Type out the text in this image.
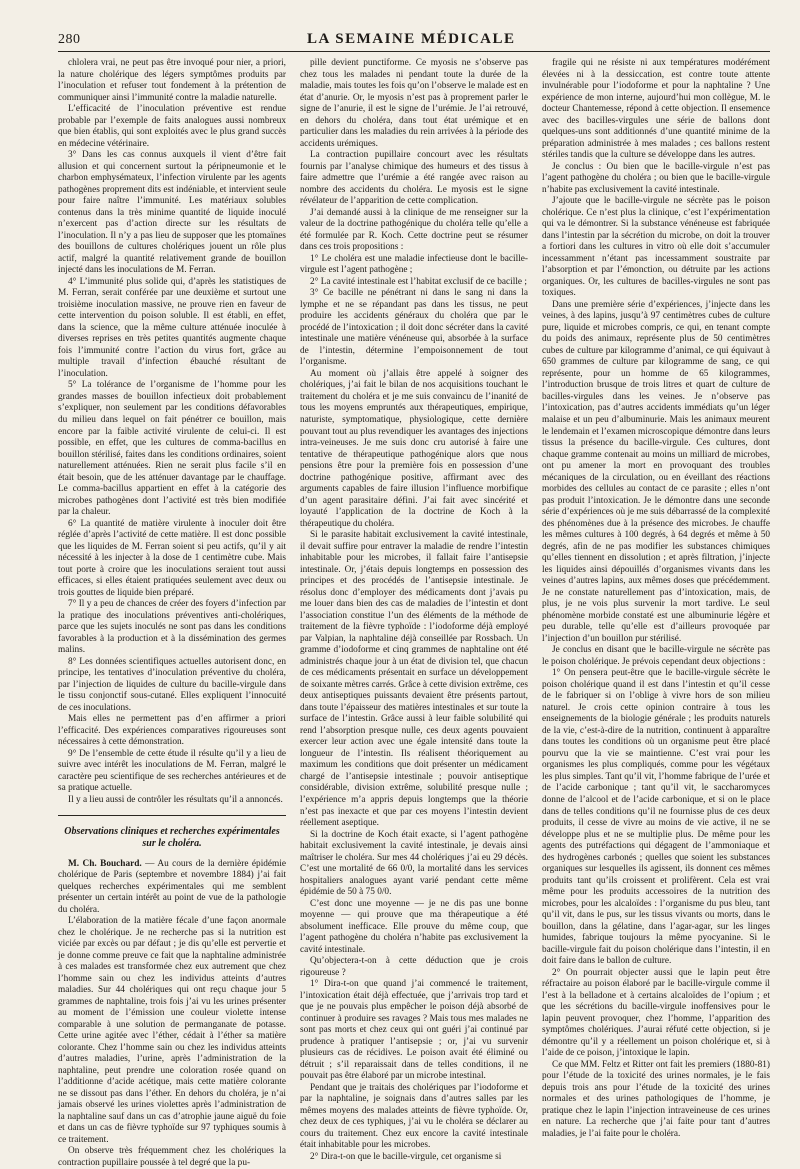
280	LA SEMAINE MÉDICALE

chlolera vrai, ne peut pas être invoqué pour nier, a priori, la nature cholérique des légers symptômes produits par l’inoculation et refuser tout fondement à la prétention de communiquer ainsi l’immunité contre la maladie naturelle.

L’efficacité de l’inoculation préventive est rendue probable par l’exemple de faits analogues aussi nombreux que bien établis, qui sont exploités avec le plus grand succès en médecine vétérinaire.

3° Dans les cas connus auxquels il vient d’être fait allusion et qui concernent surtout la péripneumonie et le charbon emphysémateux, l’infection virulente par les agents pathogènes proprement dits est indéniable, et intervient seule pour faire naître l’immunité. Les matériaux solubles contenus dans la très minime quantité de liquide inoculé n’exercent pas d’action directe sur les résultats de l’inoculation. Il n’y a pas lieu de supposer que les ptomaïnes des bouillons de cultures cholériques jouent un rôle plus actif, malgré la quantité relativement grande de bouillon injecté dans les inoculations de M. Ferran.

4° L’immunité plus solide qui, d’après les statistiques de M. Ferran, serait conférée par une deuxième et surtout une troisième inoculation massive, ne prouve rien en faveur de cette intervention du poison soluble. Il est établi, en effet, dans la science, que la même culture atténuée inoculée à diverses reprises en très petites quantités augmente chaque fois l’immunité contre l’action du virus fort, grâce au multiple travail d’infection ébauché résultant de l’inoculation.

5° La tolérance de l’organisme de l’homme pour les grandes masses de bouillon infectieux doit probablement s’expliquer, non seulement par les conditions défavorables du milieu dans lequel on fait pénétrer ce bouillon, mais encore par la faible activité virulente de celui-ci. Il est possible, en effet, que les cultures de comma-bacillus en bouillon stérilisé, faites dans les conditions ordinaires, soient naturellement atténuées. Rien ne serait plus facile s’il en était besoin, que de les atténuer davantage par le chauffage. Le comma-bacillus appartient en effet à la catégorie des microbes pathogènes dont l’activité est très bien modifiée par la chaleur.

6° La quantité de matière virulente à inoculer doit être réglée d’après l’activité de cette matière. Il est donc possible que les liquides de M. Ferran soient si peu actifs, qu’il y ait nécessité à les injecter à la dose de 1 centimètre cube. Mais tout porte à croire que les inoculations seraient tout aussi efficaces, si elles étaient pratiquées seulement avec deux ou trois gouttes de liquide bien préparé.

7° Il y a peu de chances de créer des foyers d’infection par la pratique des inoculations préventives anti-cholériques, parce que les sujets inoculés ne sont pas dans les conditions favorables à la production et à la dissémination des germes malins.

8° Les données scientifiques actuelles autorisent donc, en principe, les tentatives d’inoculation préventive du choléra, par l’injection de liquides de culture du bacille-virgule dans le tissu conjonctif sous-cutané. Elles expliquent l’innocuité de ces inoculations.

Mais elles ne permettent pas d’en affirmer a priori l’efficacité. Des expériences comparatives rigoureuses sont nécessaires à cette démonstration.

9° De l’ensemble de cette étude il résulte qu’il y a lieu de suivre avec intérêt les inoculations de M. Ferran, malgré le caractère peu scientifique de ses recherches antérieures et de sa pratique actuelle.

Il y a lieu aussi de contrôler les résultats qu’il a annoncés.

Observations cliniques et recherches expérimentales sur le choléra.

M. Ch. Bouchard. — Au cours de la dernière épidémie cholérique de Paris (septembre et novembre 1884) j’ai fait quelques recherches expérimentales qui me semblent présenter un certain intérêt au point de vue de la pathologie du choléra.

L’élaboration de la matière fécale d’une façon anormale chez le cholérique. Je ne recherche pas si la nutrition est viciée par excès ou par défaut ; je dis qu’elle est pervertie et je donne comme preuve ce fait que la naphtaline administrée à ces malades est transformée chez eux autrement que chez l’homme sain ou chez les individus atteints d’autres maladies. Sur 44 cholériques qui ont reçu chaque jour 5 grammes de naphtaline, trois fois j’ai vu les urines présenter au moment de l’émission une couleur violette intense comparable à une solution de permanganate de potasse. Cette urine agitée avec l’éther, cédait à l’éther sa matière colorante. Chez l’homme sain ou chez les individus atteints d’autres maladies, l’urine, après l’administration de la naphtaline, peut prendre une coloration rosée quand on l’additionne d’acide acétique, mais cette matière colorante ne se dissout pas dans l’éther. En dehors du choléra, je n’ai jamais observé les urines violettes après l’administration de la naphtaline sauf dans un cas d’atrophie jaune aiguë du foie et dans un cas de fièvre typhoïde sur 97 typhiques soumis à ce traitement.

On observe très fréquemment chez les cholériques la contraction pupillaire poussée à tel degré que la pu-

pille devient punctiforme. Ce myosis ne s’observe pas chez tous les malades ni pendant toute la durée de la maladie, mais toutes les fois qu’on l’observe le malade est en état d’anurie. Or, le myosis n’est pas à proprement parler le signe de l’anurie, il est le signe de l’urémie. Je l’ai retrouvé, en dehors du choléra, dans tout état urémique et en particulier dans les maladies du rein arrivées à la période des accidents urémiques.

La contraction pupillaire concourt avec les résultats fournis par l’analyse chimique des humeurs et des tissus à faire admettre que l’urémie a été rangée avec raison au nombre des accidents du choléra. Le myosis est le signe révélateur de l’apparition de cette complication.

J’ai demandé aussi à la clinique de me renseigner sur la valeur de la doctrine pathogénique du choléra telle qu’elle a été formulée par R. Koch. Cette doctrine peut se résumer dans ces trois propositions :

1° Le choléra est une maladie infectieuse dont le bacille-virgule est l’agent pathogène ;

2° La cavité intestinale est l’habitat exclusif de ce bacille ;

3° Ce bacille ne pénétrant ni dans le sang ni dans la lymphe et ne se répandant pas dans les tissus, ne peut produire les accidents généraux du choléra que par le procédé de l’intoxication ; il doit donc sécréter dans la cavité intestinale une matière vénéneuse qui, absorbée à la surface de l’intestin, détermine l’empoisonnement de tout l’organisme.

Au moment où j’allais être appelé à soigner des cholériques, j’ai fait le bilan de nos acquisitions touchant le traitement du choléra et je me suis convaincu de l’inanité de tous les moyens empruntés aux thérapeutiques, empirique, naturiste, symptomatique, physiologique, cette dernière pouvant tout au plus revendiquer les avantages des injections intra-veineuses. Je me suis donc cru autorisé à faire une tentative de thérapeutique pathogénique alors que nous pensions être pour la première fois en possession d’une doctrine pathogénique positive, affirmant avec des arguments capables de faire illusion l’influence morbifique d’un agent parasitaire défini. J’ai fait avec sincérité et loyauté l’application de la doctrine de Koch à la thérapeutique du choléra.

Si le parasite habitait exclusivement la cavité intestinale, il devait suffire pour entraver la maladie de rendre l’intestin inhabitable pour les microbes, il fallait faire l’antisepsie intestinale. Or, j’étais depuis longtemps en possession des principes et des procédés de l’antisepsie intestinale. Je résolus donc d’employer des médicaments dont j’avais pu me louer dans bien des cas de maladies de l’intestin et dont l’association constitue l’un des éléments de la méthode de traitement de la fièvre typhoïde : l’iodoforme déjà employé par Valpian, la naphtaline déjà conseillée par Rossbach. Un gramme d’iodoforme et cinq grammes de naphtaline ont été administrés chaque jour à un état de division tel, que chacun de ces médicaments présentait en surface un développement de soixante mètres carrés. Grâce à cette division extrême, ces deux antiseptiques puissants devaient être présents partout, dans toute l’épaisseur des matières intestinales et sur toute la surface de l’intestin. Grâce aussi à leur faible solubilité qui rend l’absorption presque nulle, ces deux agents pouvaient exercer leur action avec une égale intensité dans toute la longueur de l’intestin. Ils réalisent théoriquement au maximum les conditions que doit présenter un médicament chargé de l’antisepsie intestinale ; pouvoir antiseptique considérable, division extrême, solubilité presque nulle ; l’expérience m’a appris depuis longtemps que la théorie n’est pas inexacte et que par ces moyens l’intestin devient réellement aseptique.

Si la doctrine de Koch était exacte, si l’agent pathogène habitait exclusivement la cavité intestinale, je devais ainsi maîtriser le choléra. Sur mes 44 cholériques j’ai eu 29 décès. C’est une mortalité de 66 0/0, la mortalité dans les services hospitaliers analogues ayant varié pendant cette même épidémie de 50 à 75 0/0.

C’est donc une moyenne — je ne dis pas une bonne moyenne — qui prouve que ma thérapeutique a été absolument inefficace. Elle prouve du même coup, que l’agent pathogène du choléra n’habite pas exclusivement la cavité intestinale.

Qu’objectera-t-on à cette déduction que je crois rigoureuse ?

1° Dira-t-on que quand j’ai commencé le traitement, l’intoxication était déjà effectuée, que j’arrivais trop tard et que je ne pouvais plus empêcher le poison déjà absorbé de continuer à produire ses ravages ? Mais tous mes malades ne sont pas morts et chez ceux qui ont guéri j’ai continué par prudence à pratiquer l’antisepsie ; or, j’ai vu survenir plusieurs cas de récidives. Le poison avait été éliminé ou détruit ; s’il reparaissait dans de telles conditions, il ne pouvait pas être élaboré par un microbe intestinal.

Pendant que je traitais des cholériques par l’iodoforme et par la naphtaline, je soignais dans d’autres salles par les mêmes moyens des malades atteints de fièvre typhoïde. Or, chez deux de ces typhiques, j’ai vu le choléra se déclarer au cours du traitement. Chez eux encore la cavité intestinale était inhabitable pour les microbes.

2° Dira-t-on que le bacille-virgule, cet organisme si

fragile qui ne résiste ni aux températures modérément élevées ni à la dessiccation, est contre toute attente invulnérable pour l’iodoforme et pour la naphtaline ? Une expérience de mon interne, aujourd’hui mon collègue, M. le docteur Chantemesse, répond à cette objection. Il ensemence avec des bacilles-virgules une série de ballons dont quelques-uns sont additionnés d’une quantité minime de la préparation administrée à mes malades ; ces ballons restent stériles tandis que la culture se développe dans les autres.

Je conclus : Ou bien que le bacille-virgule n’est pas l’agent pathogène du choléra ; ou bien que le bacille-virgule n’habite pas exclusivement la cavité intestinale.

J’ajoute que le bacille-virgule ne sécrète pas le poison cholérique. Ce n’est plus la clinique, c’est l’expérimentation qui va le démontrer. Si la substance vénéneuse est fabriquée dans l’intestin par la sécrétion du microbe, on doit la trouver a fortiori dans les cultures in vitro où elle doit s’accumuler incessamment n’étant pas incessamment soustraite par l’absorption et par l’émonction, ou détruite par les actions organiques. Or, les cultures de bacilles-virgules ne sont pas toxiques.

Dans une première série d’expériences, j’injecte dans les veines, à des lapins, jusqu’à 97 centimètres cubes de culture pure, liquide et microbes compris, ce qui, en tenant compte du poids des animaux, représente plus de 50 centimètres cubes de culture par kilogramme d’animal, ce qui équivaut à 650 grammes de culture par kilogramme de sang, ce qui représente, pour un homme de 65 kilogrammes, l’introduction brusque de trois litres et quart de culture de bacilles-virgules dans les veines. Je n’observe pas l’intoxication, pas d’autres accidents immédiats qu’un léger malaise et un peu d’albuminurie. Mais les animaux meurent le lendemain et l’examen microscopique démontre dans leurs tissus la présence du bacille-virgule. Ces cultures, dont chaque gramme contenait au moins un milliard de microbes, ont pu amener la mort en provoquant des troubles mécaniques de la circulation, ou en éveillant des réactions morbides des cellules au contact de ce parasite ; elles n’ont pas produit l’intoxication. Je le démontre dans une seconde série d’expériences où je me suis débarrassé de la complexité des phénomènes due à la présence des microbes. Je chauffe les mêmes cultures à 100 degrés, à 64 degrés et même à 50 degrés, afin de ne pas modifier les substances chimiques qu’elles tiennent en dissolution ; et après filtration, j’injecte les liquides ainsi dépouillés d’organismes vivants dans les veines d’autres lapins, aux mêmes doses que précédemment. Je ne constate naturellement pas d’intoxication, mais, de plus, je ne vois plus survenir la mort tardive. Le seul phénomène morbide constaté est une albuminurie légère et peu durable, telle qu’elle est d’ailleurs provoquée par l’injection d’un bouillon pur stérilisé.

Je conclus en disant que le bacille-virgule ne sécrète pas le poison cholérique. Je prévois cependant deux objections :

1° On pensera peut-être que le bacille-virgule sécrète le poison cholérique quand il est dans l’intestin et qu’il cesse de le fabriquer si on l’oblige à vivre hors de son milieu naturel. Je crois cette opinion contraire à tous les enseignements de la biologie générale ; les produits naturels de la vie, c’est-à-dire de la nutrition, continuent à apparaître dans toutes les conditions où un organisme peut être placé pourvu que la vie se maintienne. C’est vrai pour les organismes les plus compliqués, comme pour les végétaux les plus simples. Tant qu’il vit, l’homme fabrique de l’urée et de l’acide carbonique ; tant qu’il vit, le saccharomyces donne de l’alcool et de l’acide carbonique, et si on le place dans de telles conditions qu’il ne fournisse plus de ces deux produits, il cesse de vivre au moins de vie active, il ne se développe plus et ne se multiplie plus. De même pour les agents des putréfactions qui dégagent de l’ammoniaque et des hydrogènes carbonés ; quelles que soient les substances organiques sur lesquelles ils agissent, ils donnent ces mêmes produits tant qu’ils croissent et prolifèrent. Cela est vrai même pour les produits accessoires de la nutrition des microbes, pour les alcaloïdes : l’organisme du pus bleu, tant qu’il vit, dans le pus, sur les tissus vivants ou morts, dans le bouillon, dans la gélatine, dans l’agar-agar, sur les linges humides, fabrique toujours la même pyocyanine. Si le bacille-virgule fait du poison cholérique dans l’intestin, il en doit faire dans le ballon de culture.

2° On pourrait objecter aussi que le lapin peut être réfractaire au poison élaboré par le bacille-virgule comme il l’est à la belladone et à certains alcaloïdes de l’opium ; et que les sécrétions du bacille-virgule inoffensives pour le lapin peuvent provoquer, chez l’homme, l’apparition des symptômes cholériques. J’aurai réfuté cette objection, si je démontre qu’il y a réellement un poison cholérique et, si à l’aide de ce poison, j’intoxique le lapin.

Ce que MM. Feltz et Ritter ont fait les premiers (1880-81) pour l’étude de la toxicité des urines normales, je le fais depuis trois ans pour l’étude de la toxicité des urines normales et des urines pathologiques de l’homme, je pratique chez le lapin l’injection intraveineuse de ces urines en nature. La recherche que j’ai faite pour tant d’autres maladies, je l’ai faite pour le choléra.
